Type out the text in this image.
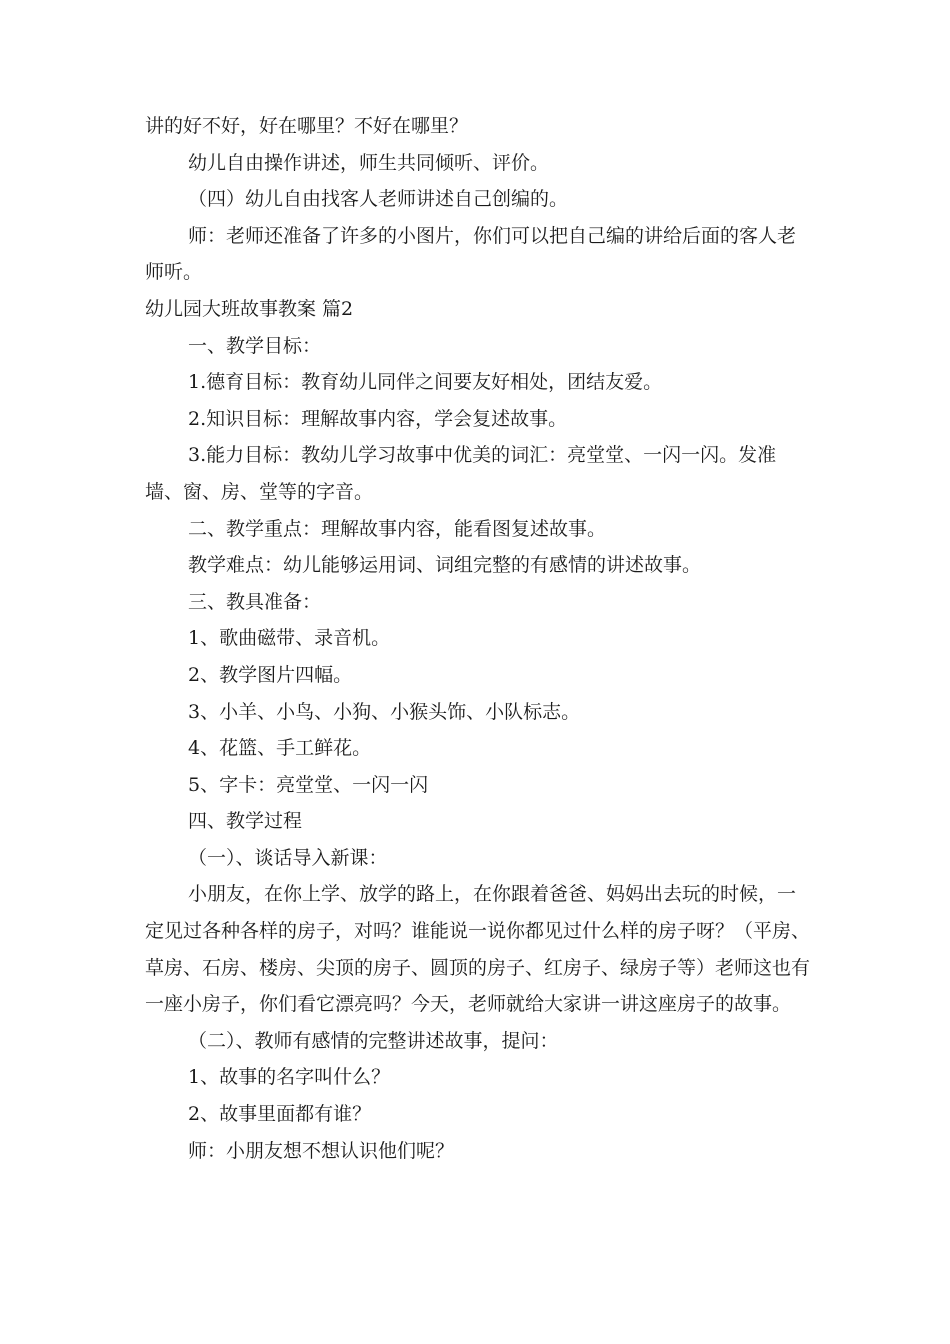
讲的好不好，好在哪里？不好在哪里？

幼儿自由操作讲述，师生共同倾听、评价。

（四）幼儿自由找客人老师讲述自己创编的。

师：老师还准备了许多的小图片，你们可以把自己编的讲给后面的客人老师听。

幼儿园大班故事教案 篇2

一、教学目标：

1.德育目标：教育幼儿同伴之间要友好相处，团结友爱。

2.知识目标：理解故事内容，学会复述故事。

3.能力目标：教幼儿学习故事中优美的词汇：亮堂堂、一闪一闪。发准墙、窗、房、堂等的字音。

二、教学重点：理解故事内容，能看图复述故事。

教学难点：幼儿能够运用词、词组完整的有感情的讲述故事。

三、教具准备：

1、歌曲磁带、录音机。

2、教学图片四幅。

3、小羊、小鸟、小狗、小猴头饰、小队标志。

4、花篮、手工鲜花。

5、字卡：亮堂堂、一闪一闪

四、教学过程

（一）、谈话导入新课：

小朋友，在你上学、放学的路上，在你跟着爸爸、妈妈出去玩的时候，一定见过各种各样的房子，对吗？谁能说一说你都见过什么样的房子呀？（平房、草房、石房、楼房、尖顶的房子、圆顶的房子、红房子、绿房子等）老师这也有一座小房子，你们看它漂亮吗？今天，老师就给大家讲一讲这座房子的故事。

（二）、教师有感情的完整讲述故事，提问：

1、故事的名字叫什么？

2、故事里面都有谁？

师：小朋友想不想认识他们呢？
